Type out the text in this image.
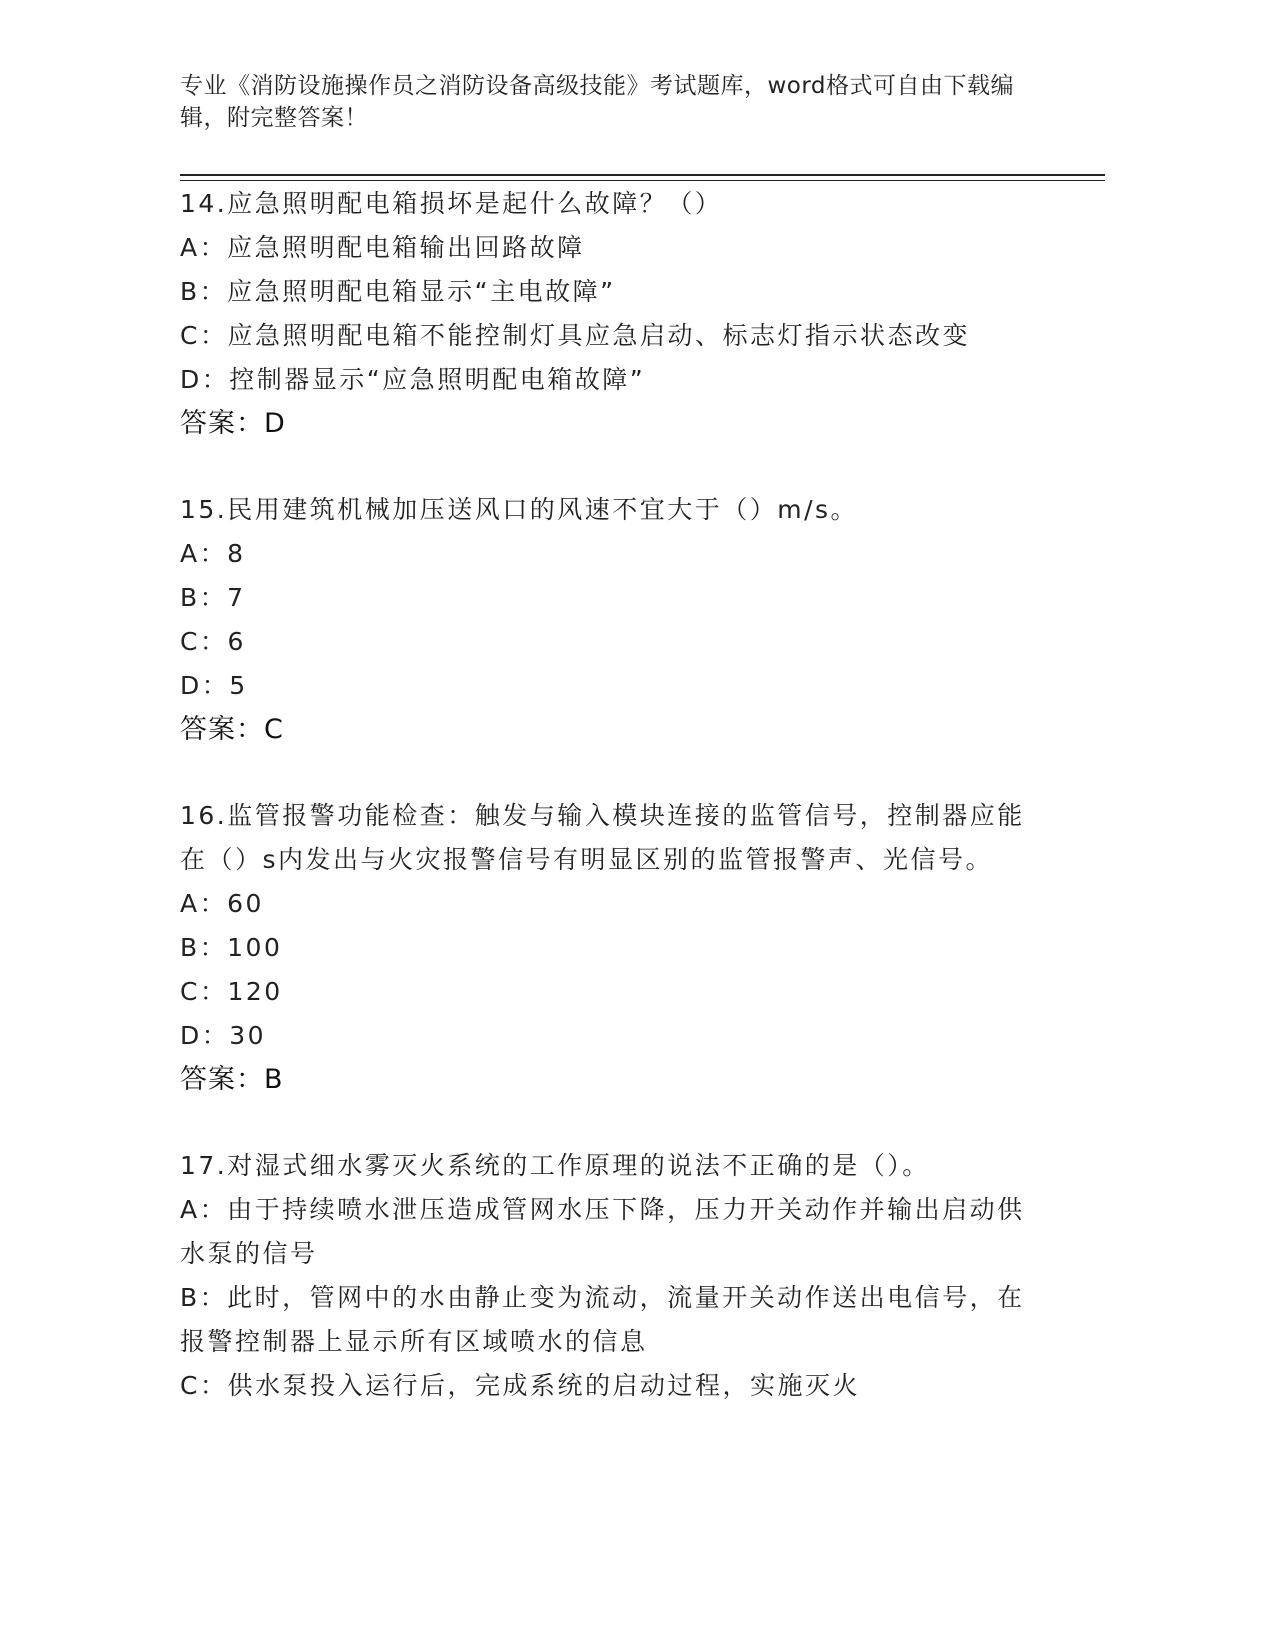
专业《消防设施操作员之消防设备高级技能》考试题库，word格式可自由下载编
辑，附完整答案！
14.应急照明配电箱损坏是起什么故障？（）
A：应急照明配电箱输出回路故障
B：应急照明配电箱显示“主电故障”
C：应急照明配电箱不能控制灯具应急启动、标志灯指示状态改变
D：控制器显示“应急照明配电箱故障”
答案：D
15.民用建筑机械加压送风口的风速不宜大于（）m/s。
A：8
B：7
C：6
D：5
答案：C
16.监管报警功能检查：触发与输入模块连接的监管信号，控制器应能
在（）s内发出与火灾报警信号有明显区别的监管报警声、光信号。
A：60
B：100
C：120
D：30
答案：B
17.对湿式细水雾灭火系统的工作原理的说法不正确的是（）。
A：由于持续喷水泄压造成管网水压下降，压力开关动作并输出启动供
水泵的信号
B：此时，管网中的水由静止变为流动，流量开关动作送出电信号，在
报警控制器上显示所有区域喷水的信息
C：供水泵投入运行后，完成系统的启动过程，实施灭火
